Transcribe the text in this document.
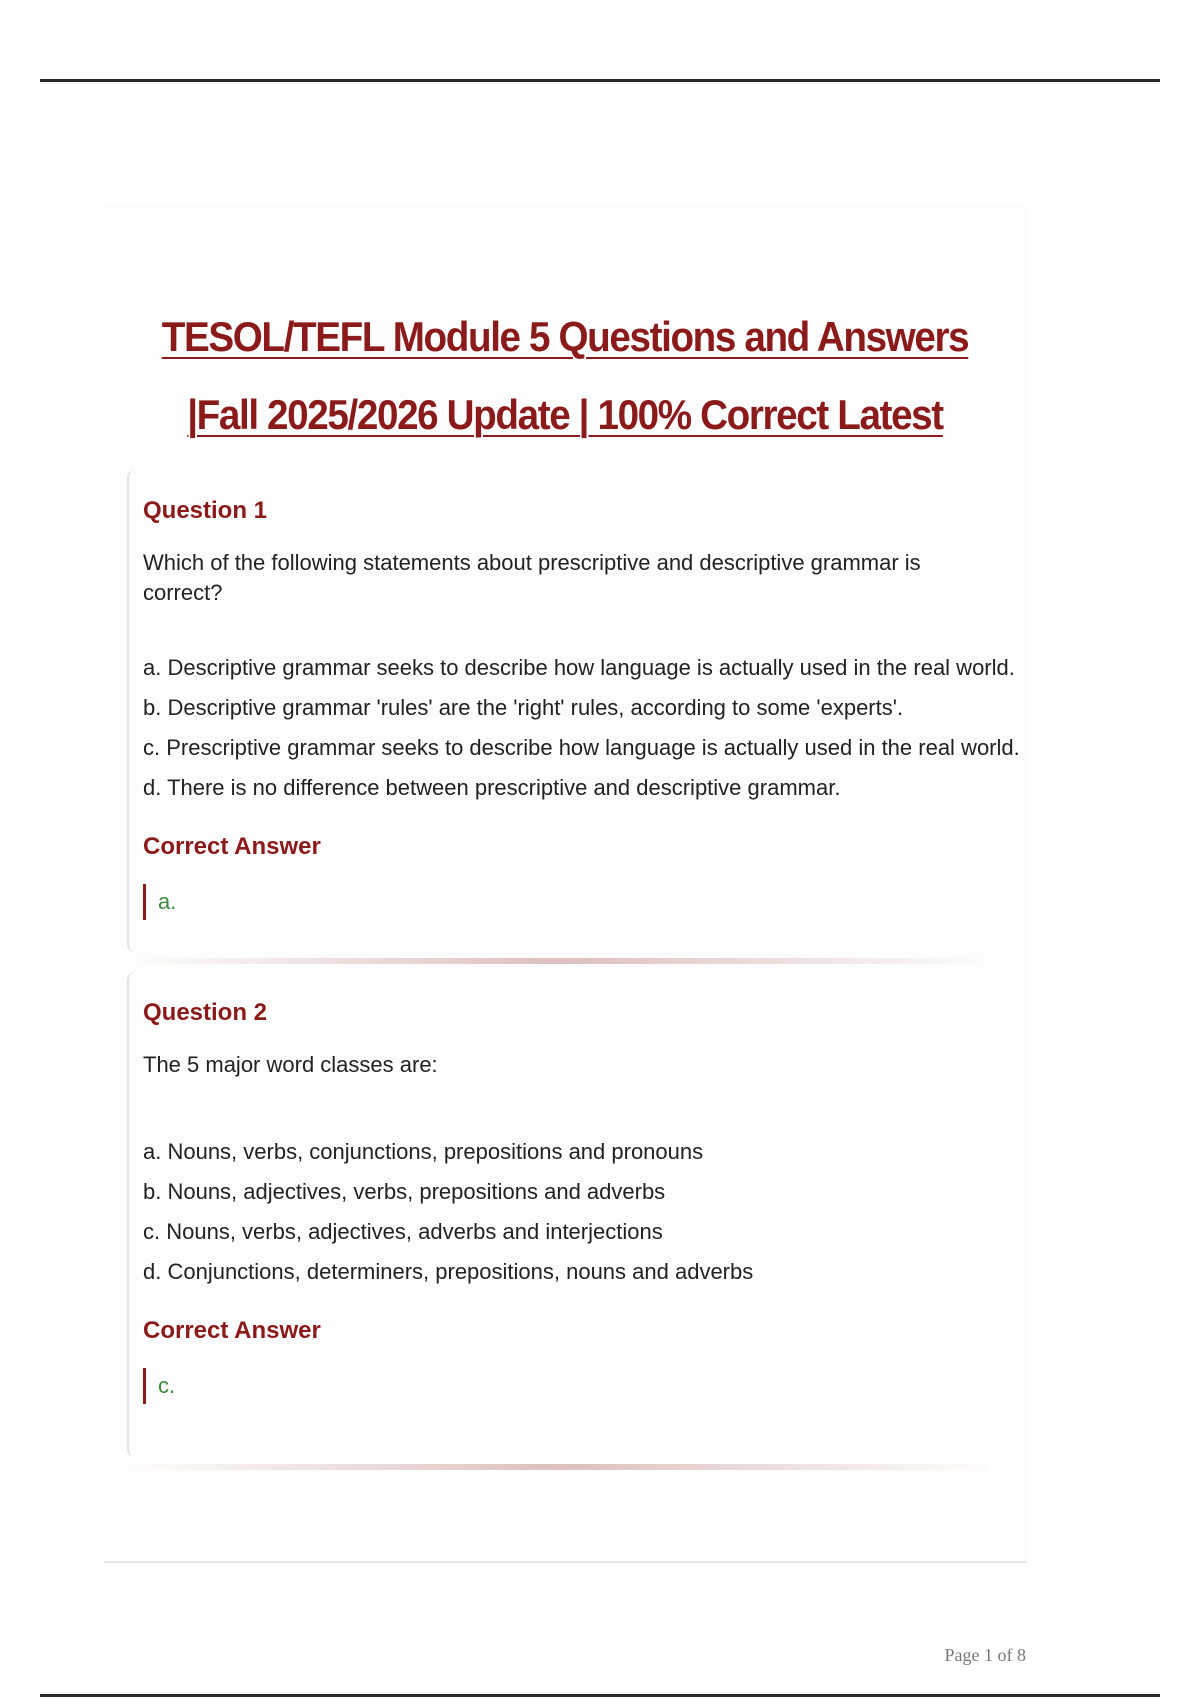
TESOL/TEFL Module 5 Questions and Answers |Fall 2025/2026 Update | 100% Correct Latest
Question 1

Which of the following statements about prescriptive and descriptive grammar is correct?

a. Descriptive grammar seeks to describe how language is actually used in the real world.
b. Descriptive grammar 'rules' are the 'right' rules, according to some 'experts'.
c. Prescriptive grammar seeks to describe how language is actually used in the real world.
d. There is no difference between prescriptive and descriptive grammar.
Correct Answer
a.
Question 2

The 5 major word classes are:

a. Nouns, verbs, conjunctions, prepositions and pronouns
b. Nouns, adjectives, verbs, prepositions and adverbs
c. Nouns, verbs, adjectives, adverbs and interjections
d. Conjunctions, determiners, prepositions, nouns and adverbs
Correct Answer
c.
Page 1 of 8
